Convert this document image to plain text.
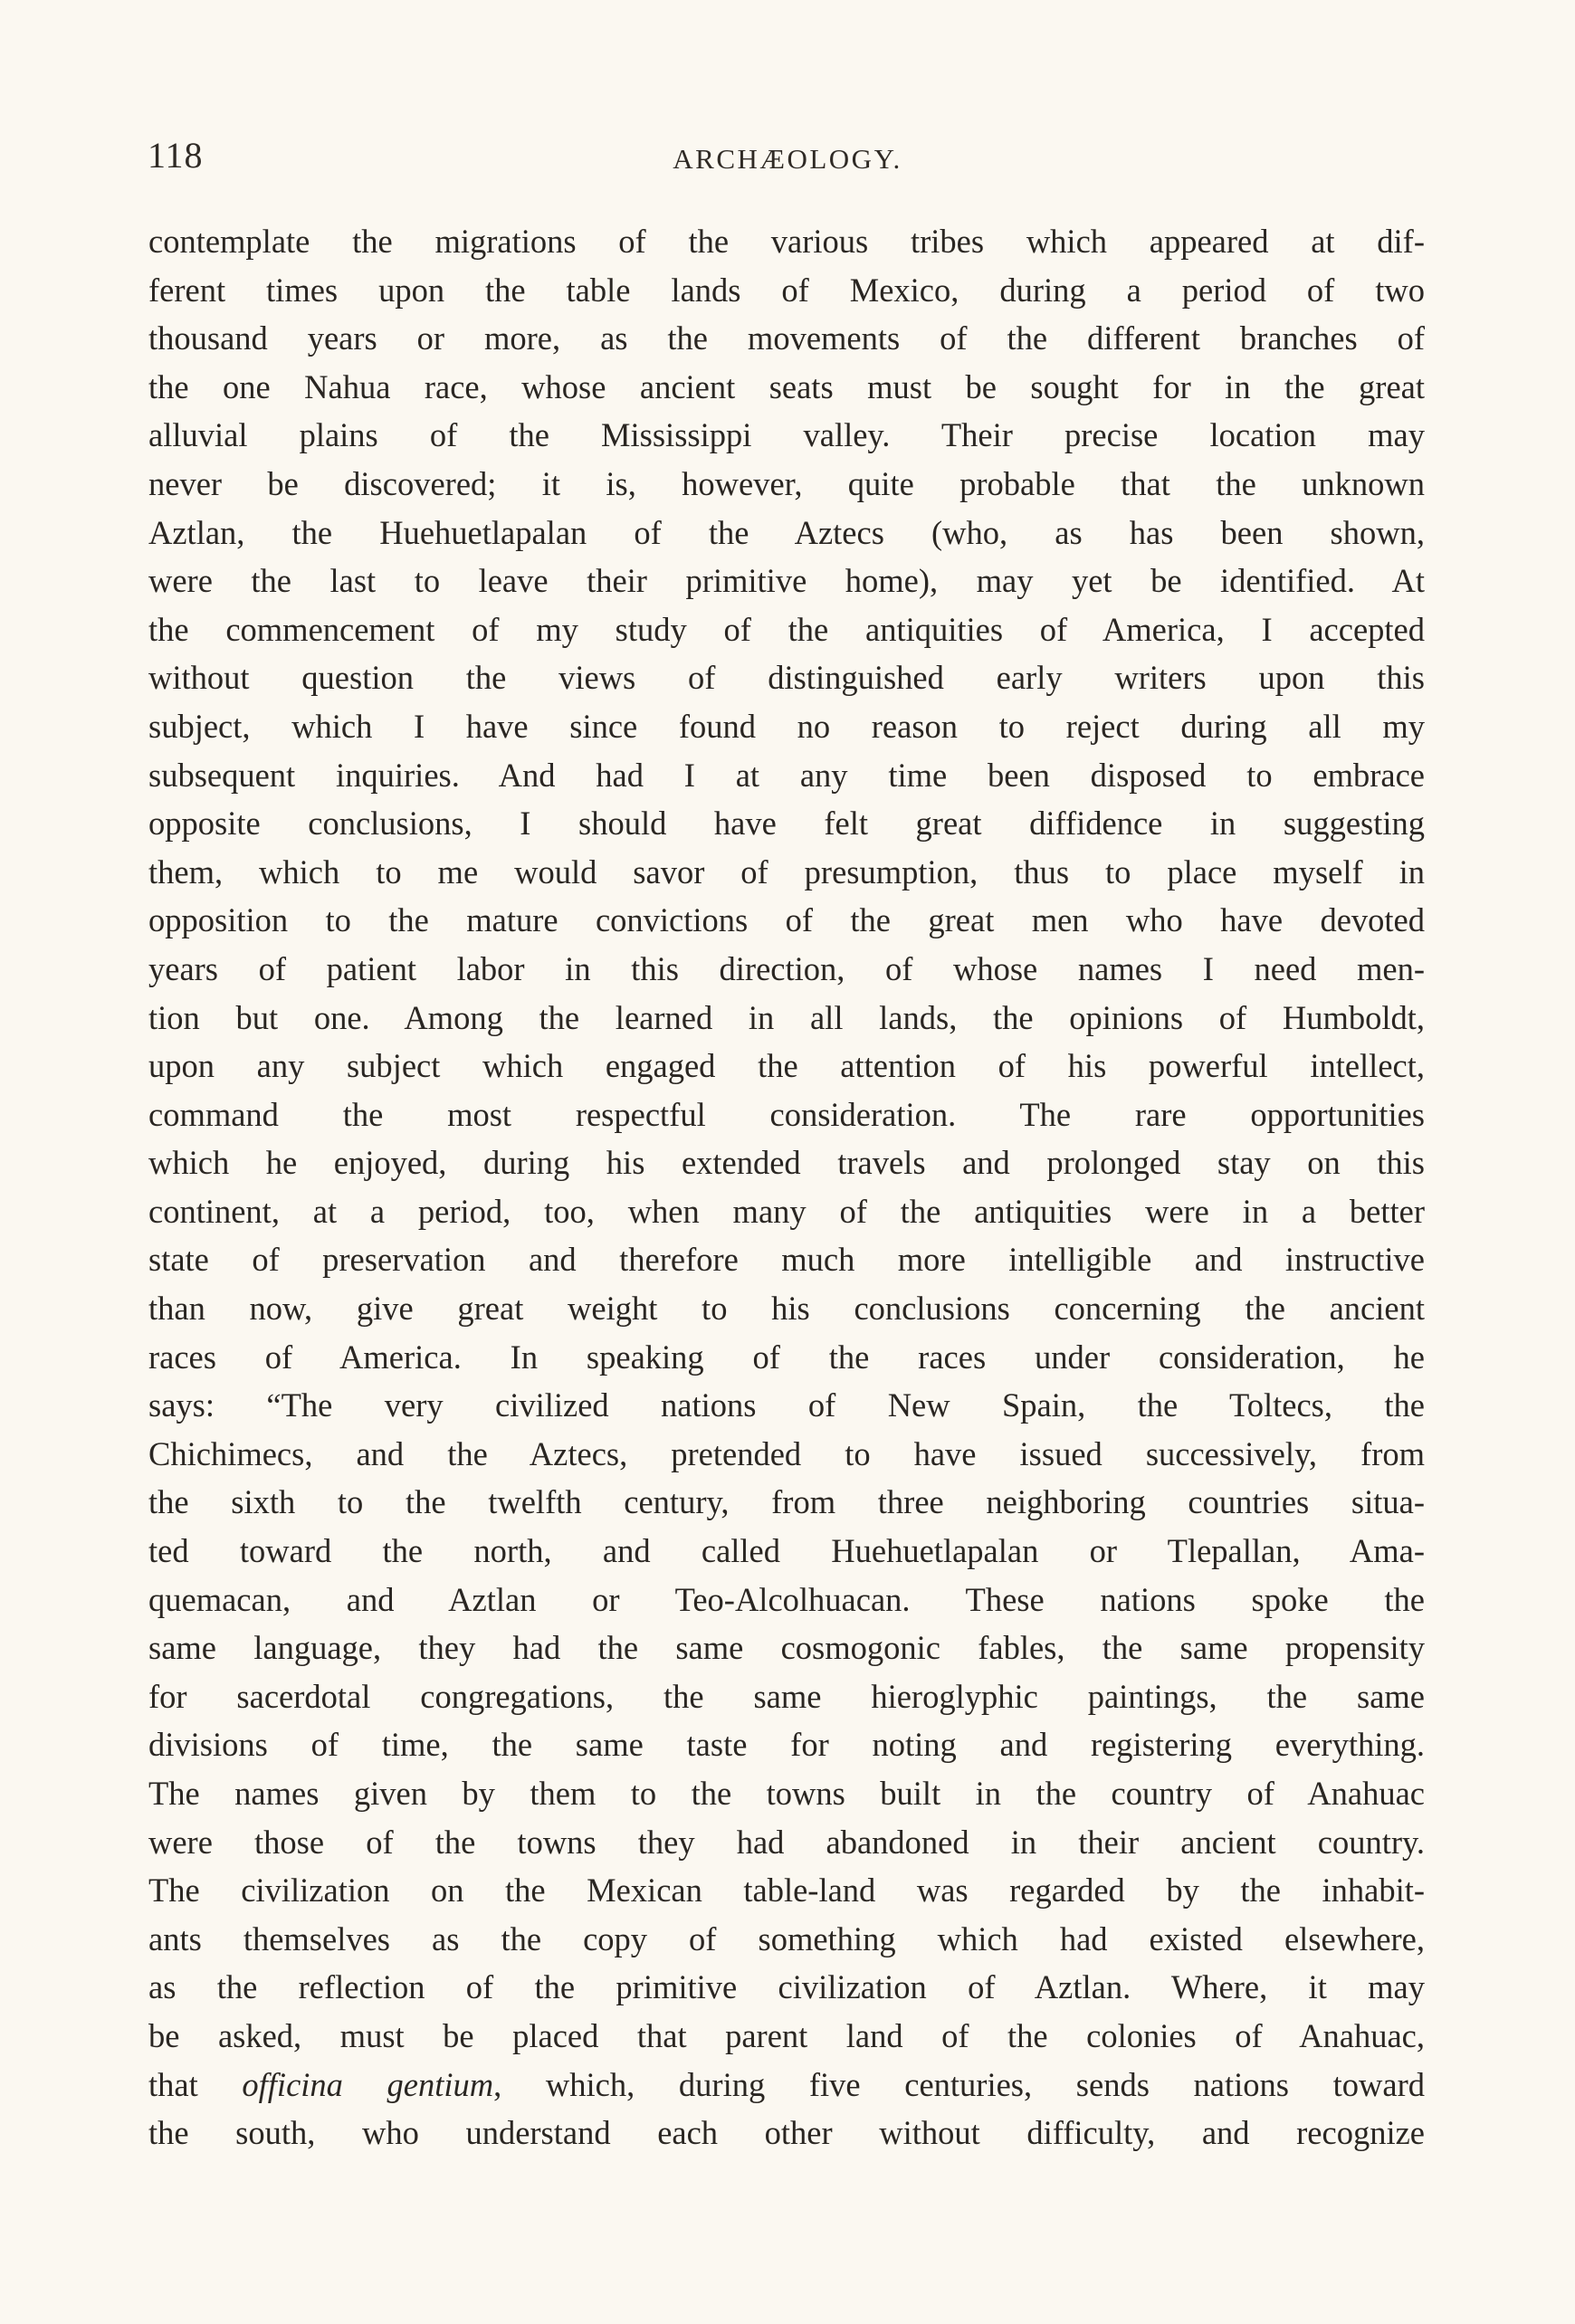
118	ARCHÆOLOGY.
contemplate the migrations of the various tribes which appeared at dif-
ferent times upon the table lands of Mexico, during a period of two
thousand years or more, as the movements of the different branches of
the one Nahua race, whose ancient seats must be sought for in the great
alluvial plains of the Mississippi valley. Their precise location may
never be discovered; it is, however, quite probable that the unknown
Aztlan, the Huehuetlapalan of the Aztecs (who, as has been shown,
were the last to leave their primitive home), may yet be identified. At
the commencement of my study of the antiquities of America, I accepted
without question the views of distinguished early writers upon this
subject, which I have since found no reason to reject during all my
subsequent inquiries. And had I at any time been disposed to embrace
opposite conclusions, I should have felt great diffidence in suggesting
them, which to me would savor of presumption, thus to place myself in
opposition to the mature convictions of the great men who have devoted
years of patient labor in this direction, of whose names I need men-
tion but one. Among the learned in all lands, the opinions of Humboldt,
upon any subject which engaged the attention of his powerful intellect,
command the most respectful consideration. The rare opportunities
which he enjoyed, during his extended travels and prolonged stay on this
continent, at a period, too, when many of the antiquities were in a better
state of preservation and therefore much more intelligible and instructive
than now, give great weight to his conclusions concerning the ancient
races of America. In speaking of the races under consideration, he
says: “The very civilized nations of New Spain, the Toltecs, the
Chichimecs, and the Aztecs, pretended to have issued successively, from
the sixth to the twelfth century, from three neighboring countries situa-
ted toward the north, and called Huehuetlapalan or Tlepallan, Ama-
quemacan, and Aztlan or Teo-Alcolhuacan. These nations spoke the
same language, they had the same cosmogonic fables, the same propensity
for sacerdotal congregations, the same hieroglyphic paintings, the same
divisions of time, the same taste for noting and registering everything.
The names given by them to the towns built in the country of Anahuac
were those of the towns they had abandoned in their ancient country.
The civilization on the Mexican table-land was regarded by the inhabit-
ants themselves as the copy of something which had existed elsewhere,
as the reflection of the primitive civilization of Aztlan. Where, it may
be asked, must be placed that parent land of the colonies of Anahuac,
that officina gentium, which, during five centuries, sends nations toward
the south, who understand each other without difficulty, and recognize
